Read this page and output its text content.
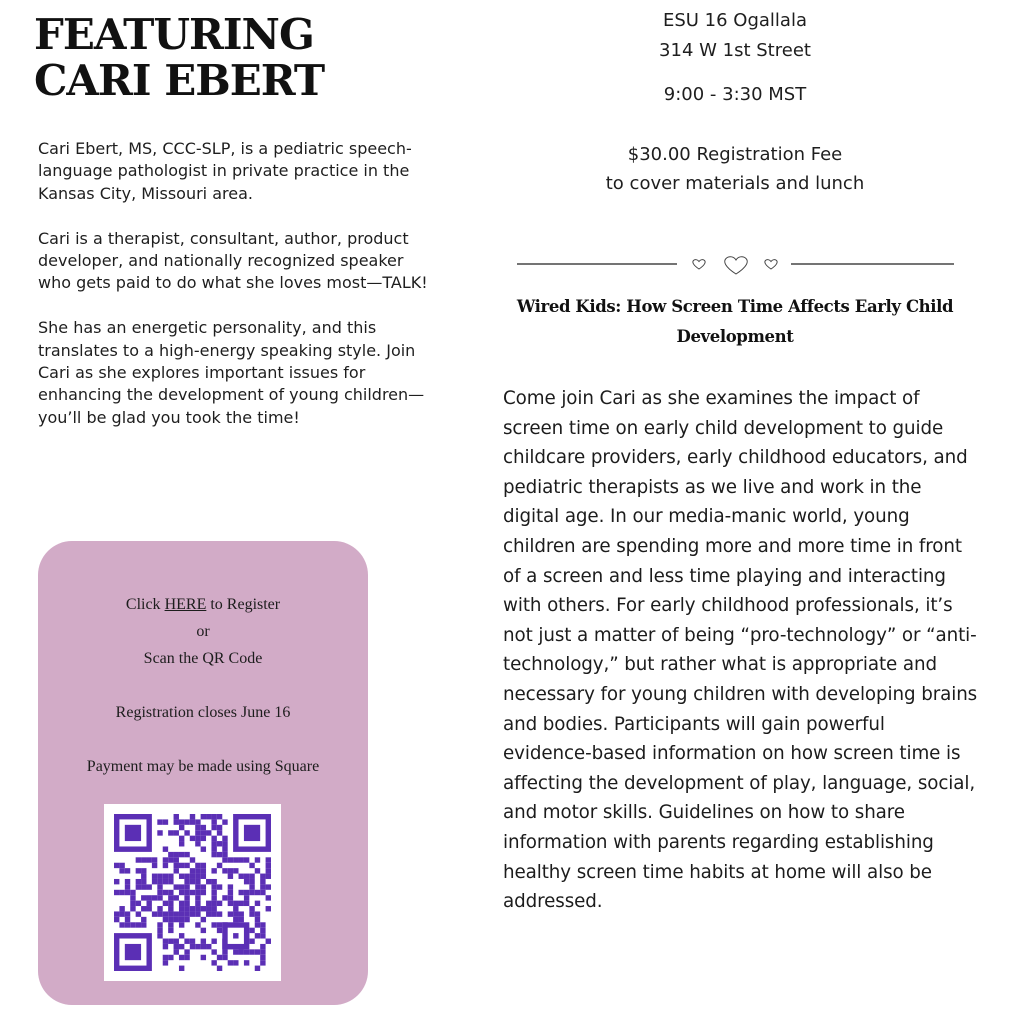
FEATURING
CARI EBERT

Cari Ebert, MS, CCC-SLP, is a pediatric speech-language pathologist in private practice in the Kansas City, Missouri area.

Cari is a therapist, consultant, author, product developer, and nationally recognized speaker who gets paid to do what she loves most—TALK!

She has an energetic personality, and this translates to a high-energy speaking style. Join Cari as she explores important issues for enhancing the development of young children—you’ll be glad you took the time!

Click HERE to Register
or
Scan the QR Code
Registration closes June 16
Payment may be made using Square
ESU 16 Ogallala
314 W 1st Street
9:00 - 3:30 MST
$30.00 Registration Fee
to cover materials and lunch
Wired Kids: How Screen Time Affects Early Child Development
Come join Cari as she examines the impact of screen time on early child development to guide childcare providers, early childhood educators, and pediatric therapists as we live and work in the digital age. In our media-manic world, young children are spending more and more time in front of a screen and less time playing and interacting with others. For early childhood professionals, it’s not just a matter of being “pro-technology” or “anti-technology,” but rather what is appropriate and necessary for young children with developing brains and bodies. Participants will gain powerful evidence-based information on how screen time is affecting the development of play, language, social, and motor skills. Guidelines on how to share information with parents regarding establishing healthy screen time habits at home will also be addressed.
